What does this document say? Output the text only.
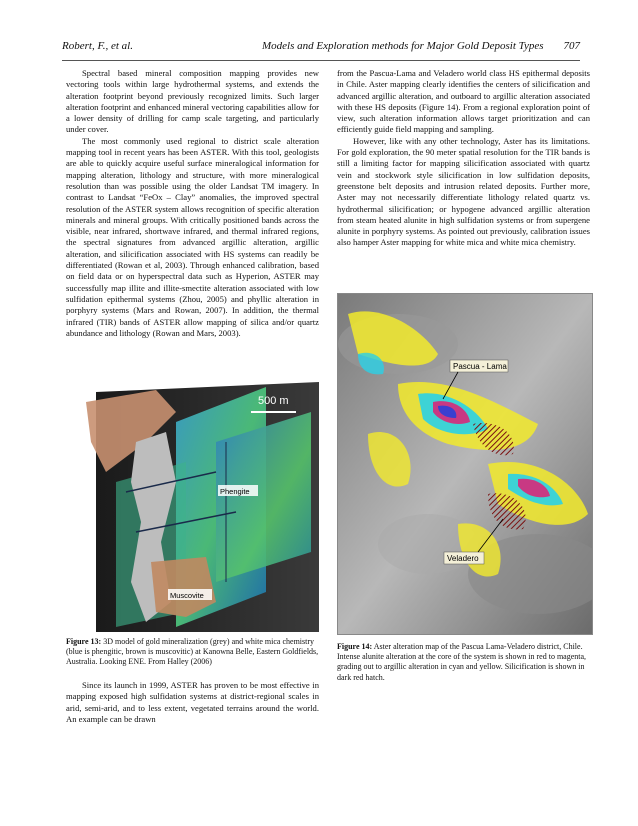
Robert, F., et al.	Models and Exploration methods for Major Gold Deposit Types 707

Spectral based mineral composition mapping provides new vectoring tools within large hydrothermal systems, and extends the alteration footprint beyond previously recognized limits. Such larger alteration footprint and enhanced mineral vectoring capabilities allow for a lower density of drilling for camp scale targeting, and particularly under cover.

The most commonly used regional to district scale alteration mapping tool in recent years has been ASTER. With this tool, geologists are able to quickly acquire useful surface mineralogical information for mapping alteration, lithology and structure, with more mineralogical resolution than was possible using the older Landsat TM imagery. In contrast to Landsat “FeOx – Clay” anomalies, the improved spectral resolution of the ASTER system allows recognition of specific alteration minerals and mineral groups. With critically positioned bands across the visible, near infrared, shortwave infrared, and thermal infrared regions, the spectral signatures from advanced argillic alteration, argillic alteration, and silicification associated with HS systems can readily be differentiated (Rowan et al, 2003). Through enhanced calibration, based on field data or on hyperspectral data such as Hyperion, ASTER may successfully map illite and illite-smectite alteration associated with low sulfidation epithermal systems (Zhou, 2005) and phyllic alteration in porphyry systems (Mars and Rowan, 2007). In addition, the thermal infrared (TIR) bands of ASTER allow mapping of silica and/or quartz abundance and lithology (Rowan and Mars, 2003).

from the Pascua-Lama and Veladero world class HS epithermal deposits in Chile. Aster mapping clearly identifies the centers of silicification and advanced argillic alteration, and outboard to argillic alteration associated with these HS deposits (Figure 14). From a regional exploration point of view, such alteration information allows target prioritization and can efficiently guide field mapping and sampling.

However, like with any other technology, Aster has its limitations. For gold exploration, the 90 meter spatial resolution for the TIR bands is still a limiting factor for mapping silicification associated with quartz vein and stockwork style silicification in low sulfidation deposits, greenstone belt deposits and intrusion related deposits. Further more, Aster may not necessarily differentiate lithology related quartz vs. hydrothermal silicification; or hypogene advanced argillic alteration from steam heated alunite in high sulfidation systems or from supergene alunite in porphyry systems. As pointed out previously, calibration issues also hamper Aster mapping for white mica and white mica chemistry.

500 m
Phengite
Muscovite
Figure 13: 3D model of gold mineralization (grey) and white mica chemistry (blue is phengitic, brown is muscovitic) at Kanowna Belle, Eastern Goldfields, Australia. Looking ENE. From Halley (2006)
Pascua - Lama
Veladero
Figure 14: Aster alteration map of the Pascua Lama-Veladero district, Chile. Intense alunite alteration at the core of the system is shown in red to magenta, grading out to argillic alteration in cyan and yellow. Silicification is shown in dark red hatch.

Since its launch in 1999, ASTER has proven to be most effective in mapping exposed high sulfidation systems at district-regional scales in arid, semi-arid, and to less extent, vegetated terrains around the world. An example can be drawn
